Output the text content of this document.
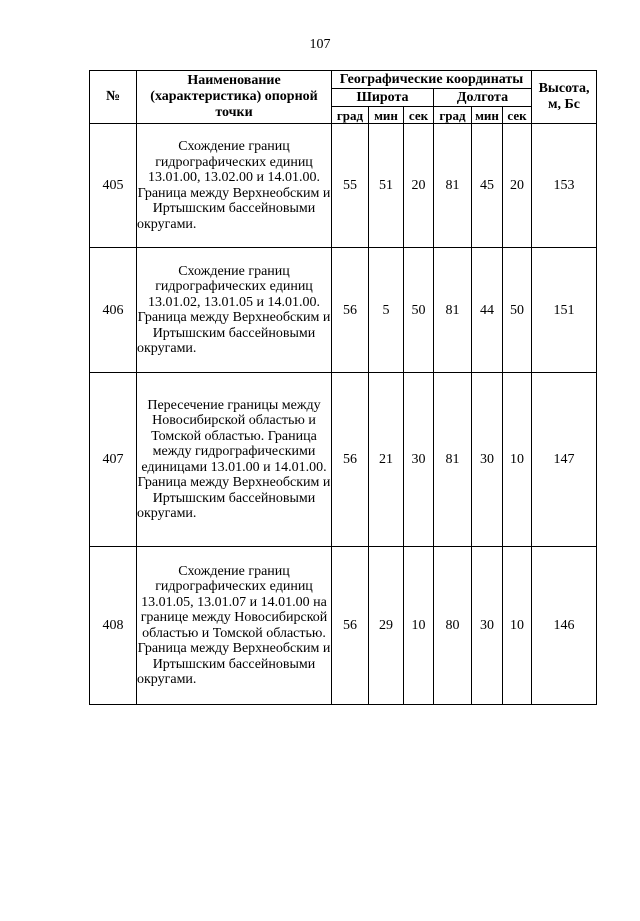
107
№	Наименование (характеристика) опорной точки	Географические координаты						Высота, м, Бс
		Широта			Долгота			
		град	мин	сек	град	мин	сек	
405	Схождение границ гидрографических единиц 13.01.00, 13.02.00 и 14.01.00. Граница между Верхнеобским и Иртышским бассейновыми округами.	55	51	20	81	45	20	153
406	Схождение границ гидрографических единиц 13.01.02, 13.01.05 и 14.01.00. Граница между Верхнеобским и Иртышским бассейновыми округами.	56	5	50	81	44	50	151
407	Пересечение границы между Новосибирской областью и Томской областью. Граница между гидрографическими единицами 13.01.00 и 14.01.00. Граница между Верхнеобским и Иртышским бассейновыми округами.	56	21	30	81	30	10	147
408	Схождение границ гидрографических единиц 13.01.05, 13.01.07 и 14.01.00 на границе между Новосибирской областью и Томской областью. Граница между Верхнеобским и Иртышским бассейновыми округами.	56	29	10	80	30	10	146
